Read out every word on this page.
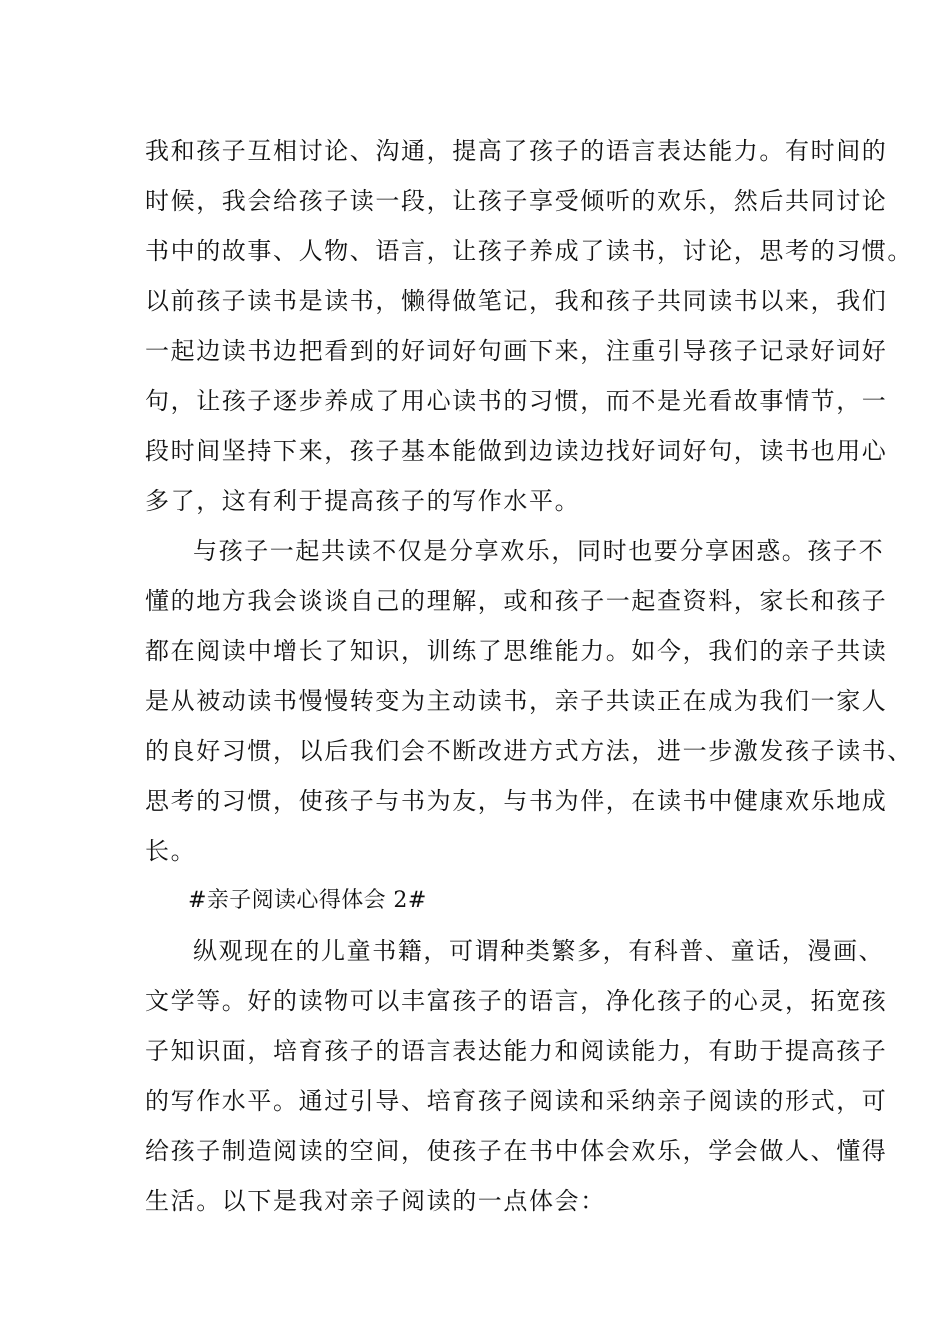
我和孩子互相讨论、沟通，提高了孩子的语言表达能力。有时间的
时候，我会给孩子读一段，让孩子享受倾听的欢乐，然后共同讨论
书中的故事、人物、语言，让孩子养成了读书，讨论，思考的习惯。
以前孩子读书是读书，懒得做笔记，我和孩子共同读书以来，我们
一起边读书边把看到的好词好句画下来，注重引导孩子记录好词好
句，让孩子逐步养成了用心读书的习惯，而不是光看故事情节，一
段时间坚持下来，孩子基本能做到边读边找好词好句，读书也用心
多了，这有利于提高孩子的写作水平。
与孩子一起共读不仅是分享欢乐，同时也要分享困惑。孩子不
懂的地方我会谈谈自己的理解，或和孩子一起查资料，家长和孩子
都在阅读中增长了知识，训练了思维能力。如今，我们的亲子共读
是从被动读书慢慢转变为主动读书，亲子共读正在成为我们一家人
的良好习惯，以后我们会不断改进方式方法，进一步激发孩子读书、
思考的习惯，使孩子与书为友，与书为伴，在读书中健康欢乐地成
长。
#亲子阅读心得体会 2#
纵观现在的儿童书籍，可谓种类繁多，有科普、童话，漫画、
文学等。好的读物可以丰富孩子的语言，净化孩子的心灵，拓宽孩
子知识面，培育孩子的语言表达能力和阅读能力，有助于提高孩子
的写作水平。通过引导、培育孩子阅读和采纳亲子阅读的形式，可
给孩子制造阅读的空间，使孩子在书中体会欢乐，学会做人、懂得
生活。以下是我对亲子阅读的一点体会：
